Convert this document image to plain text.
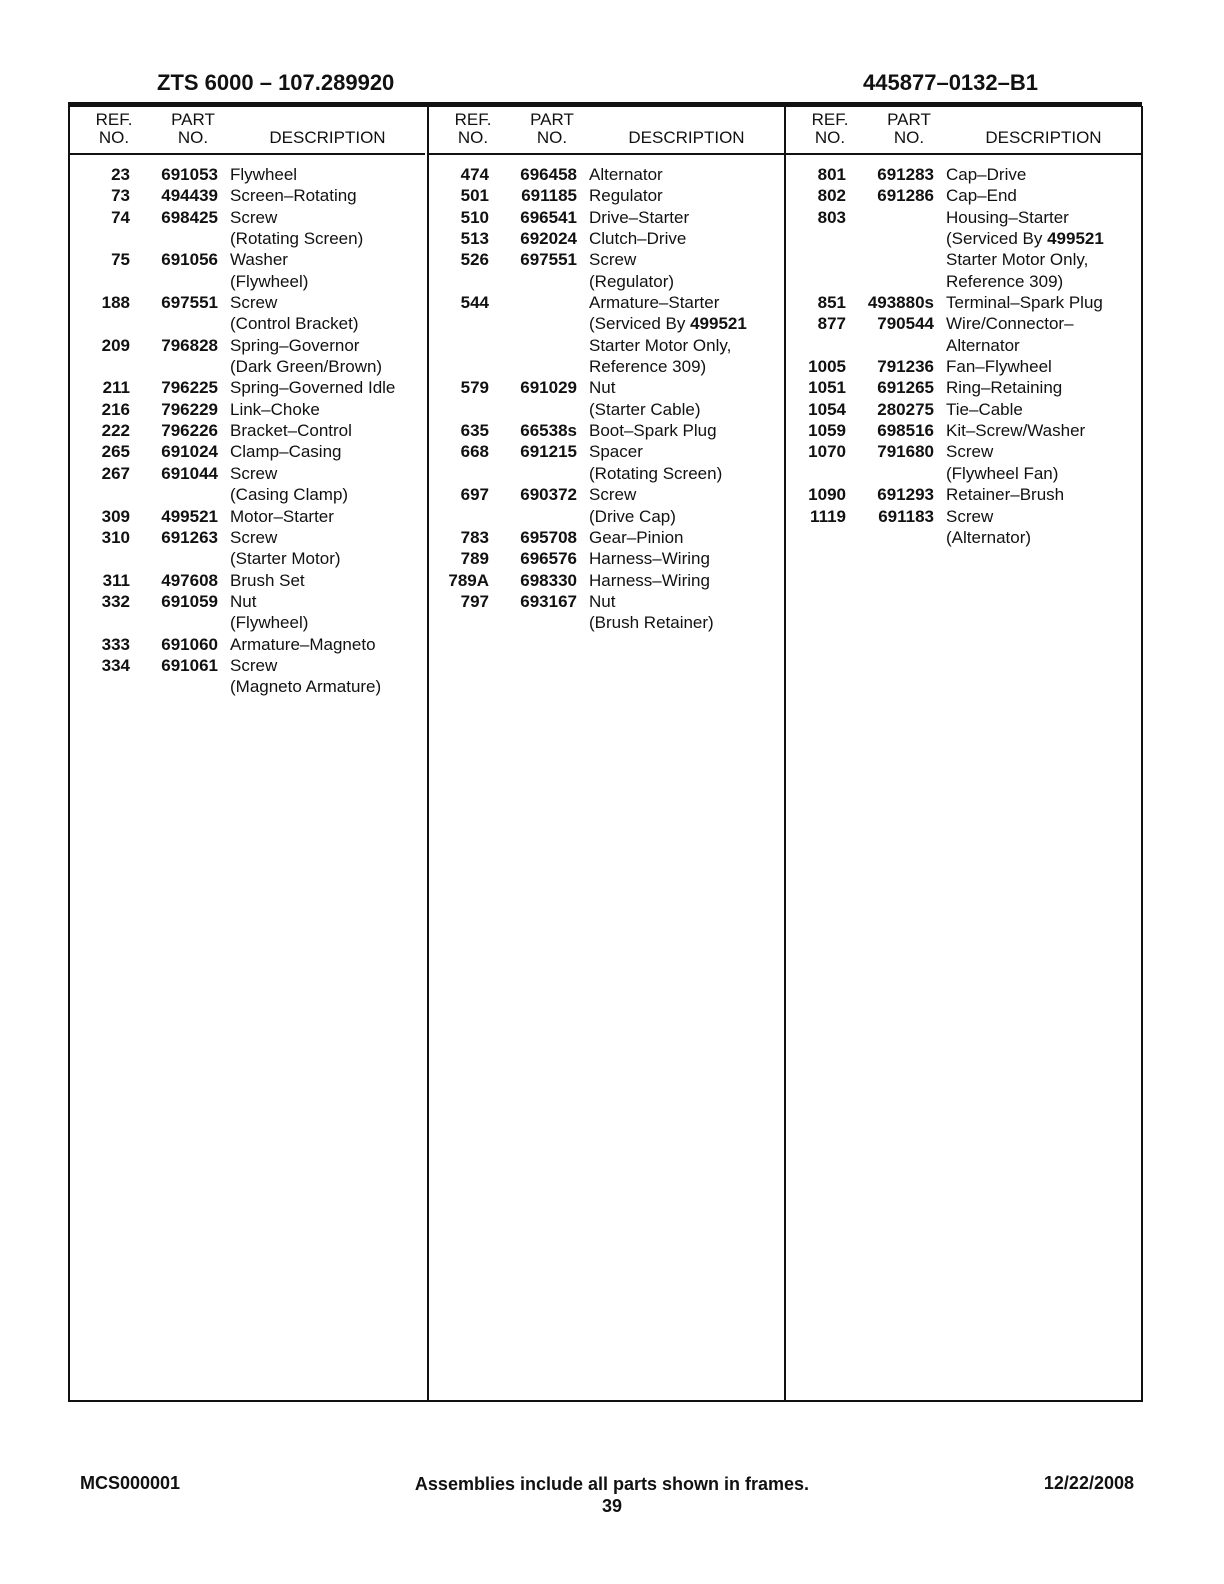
ZTS 6000 – 107.289920	445877–0132–B1
REF.
NO.
PART
NO.	DESCRIPTION
23	691053 Flywheel
73	494439 Screen–Rotating
74	698425 Screw
(Rotating Screen)
75	691056 Washer
(Flywheel)
188	697551 Screw
(Control Bracket)
209	796828 Spring–Governor
(Dark Green/Brown)
211	796225 Spring–Governed Idle
216	796229 Link–Choke
222	796226 Bracket–Control
265	691024 Clamp–Casing
267	691044 Screw
(Casing Clamp)
309	499521 Motor–Starter
310	691263 Screw
(Starter Motor)
311	497608 Brush Set
332	691059 Nut
(Flywheel)
333	691060 Armature–Magneto
334	691061 Screw
(Magneto Armature)
REF.
NO.
PART
NO.	DESCRIPTION
474	696458 Alternator
501	691185 Regulator
510	696541 Drive–Starter
513	692024 Clutch–Drive
526	697551 Screw
(Regulator)
544	Armature–Starter
(Serviced By 499521
Starter Motor Only,
Reference 309)
579	691029 Nut
(Starter Cable)
635	66538s Boot–Spark Plug
668	691215 Spacer
(Rotating Screen)
697	690372 Screw
(Drive Cap)
783	695708 Gear–Pinion
789	696576 Harness–Wiring
789A	698330 Harness–Wiring
797	693167 Nut
(Brush Retainer)
REF.
NO.
PART
NO.	DESCRIPTION
801	691283 Cap–Drive
802	691286 Cap–End
803	Housing–Starter
(Serviced By 499521
Starter Motor Only,
Reference 309)
851	493880s Terminal–Spark Plug
877	790544 Wire/Connector–
Alternator
1005	791236 Fan–Flywheel
1051	691265 Ring–Retaining
1054	280275 Tie–Cable
1059	698516 Kit–Screw/Washer
1070	791680 Screw
(Flywheel Fan)
1090	691293 Retainer–Brush
1119	691183 Screw
(Alternator)
MCS000001	Assemblies include all parts shown in frames.
39
12/22/2008
